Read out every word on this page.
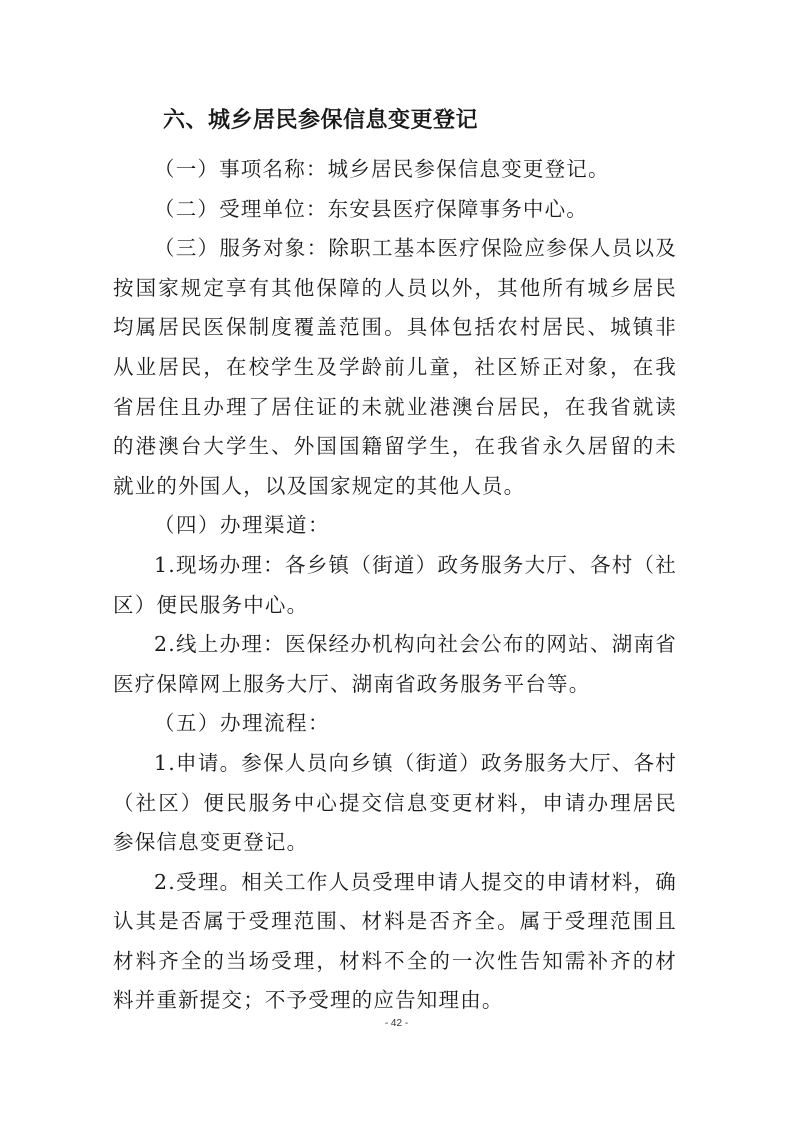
六、城乡居民参保信息变更登记

（一）事项名称：城乡居民参保信息变更登记。

（二）受理单位：东安县医疗保障事务中心。

（三）服务对象：除职工基本医疗保险应参保人员以及按国家规定享有其他保障的人员以外，其他所有城乡居民均属居民医保制度覆盖范围。具体包括农村居民、城镇非从业居民，在校学生及学龄前儿童，社区矫正对象，在我省居住且办理了居住证的未就业港澳台居民，在我省就读的港澳台大学生、外国国籍留学生，在我省永久居留的未就业的外国人，以及国家规定的其他人员。

（四）办理渠道：

1.现场办理：各乡镇（街道）政务服务大厅、各村（社区）便民服务中心。

2.线上办理：医保经办机构向社会公布的网站、湖南省医疗保障网上服务大厅、湖南省政务服务平台等。

（五）办理流程：

1.申请。参保人员向乡镇（街道）政务服务大厅、各村（社区）便民服务中心提交信息变更材料，申请办理居民参保信息变更登记。

2.受理。相关工作人员受理申请人提交的申请材料，确认其是否属于受理范围、材料是否齐全。属于受理范围且材料齐全的当场受理，材料不全的一次性告知需补齐的材料并重新提交；不予受理的应告知理由。

- 42 -
